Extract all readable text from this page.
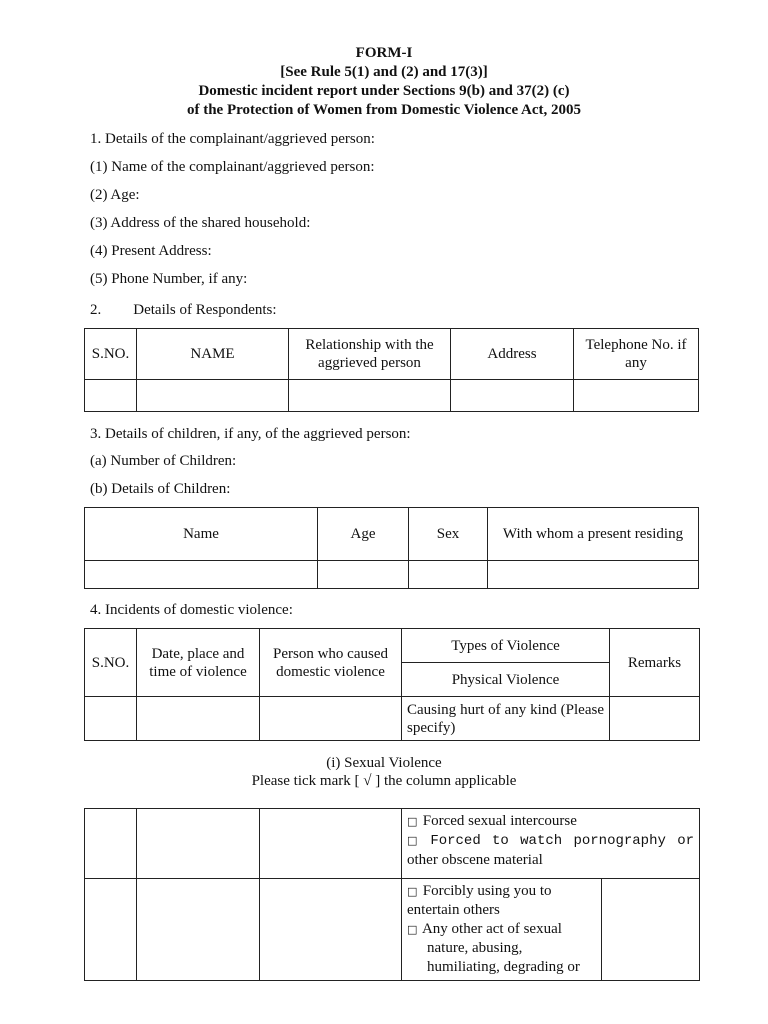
FORM-I
[See Rule 5(1) and (2) and 17(3)]
Domestic incident report under Sections 9(b) and 37(2) (c)
of the Protection of Women from Domestic Violence Act, 2005
1. Details of the complainant/aggrieved person:
(1) Name of the complainant/aggrieved person:
(2) Age:
(3) Address of the shared household:
(4) Present Address:
(5) Phone Number, if any:
2. Details of Respondents:
S.NO.	NAME	Relationship with the aggrieved person	Address	Telephone No. if any

3. Details of children, if any, of the aggrieved person:
(a) Number of Children:
(b) Details of Children:
Name	Age	Sex	With whom a present residing

4. Incidents of domestic violence:
S.NO.	Date, place and time of violence	Person who caused domestic violence	Types of Violence	Remarks
			Physical Violence	

			Causing hurt of any kind (Please specify)	

(i) Sexual Violence
Please tick mark [ √ ] the column applicable

			□ Forced sexual intercourse
□ Forced to watch pornography or
other obscene material	

			□ Forcibly using you to
entertain others
□ Any other act of sexual
nature, abusing,
humiliating, degrading or	
